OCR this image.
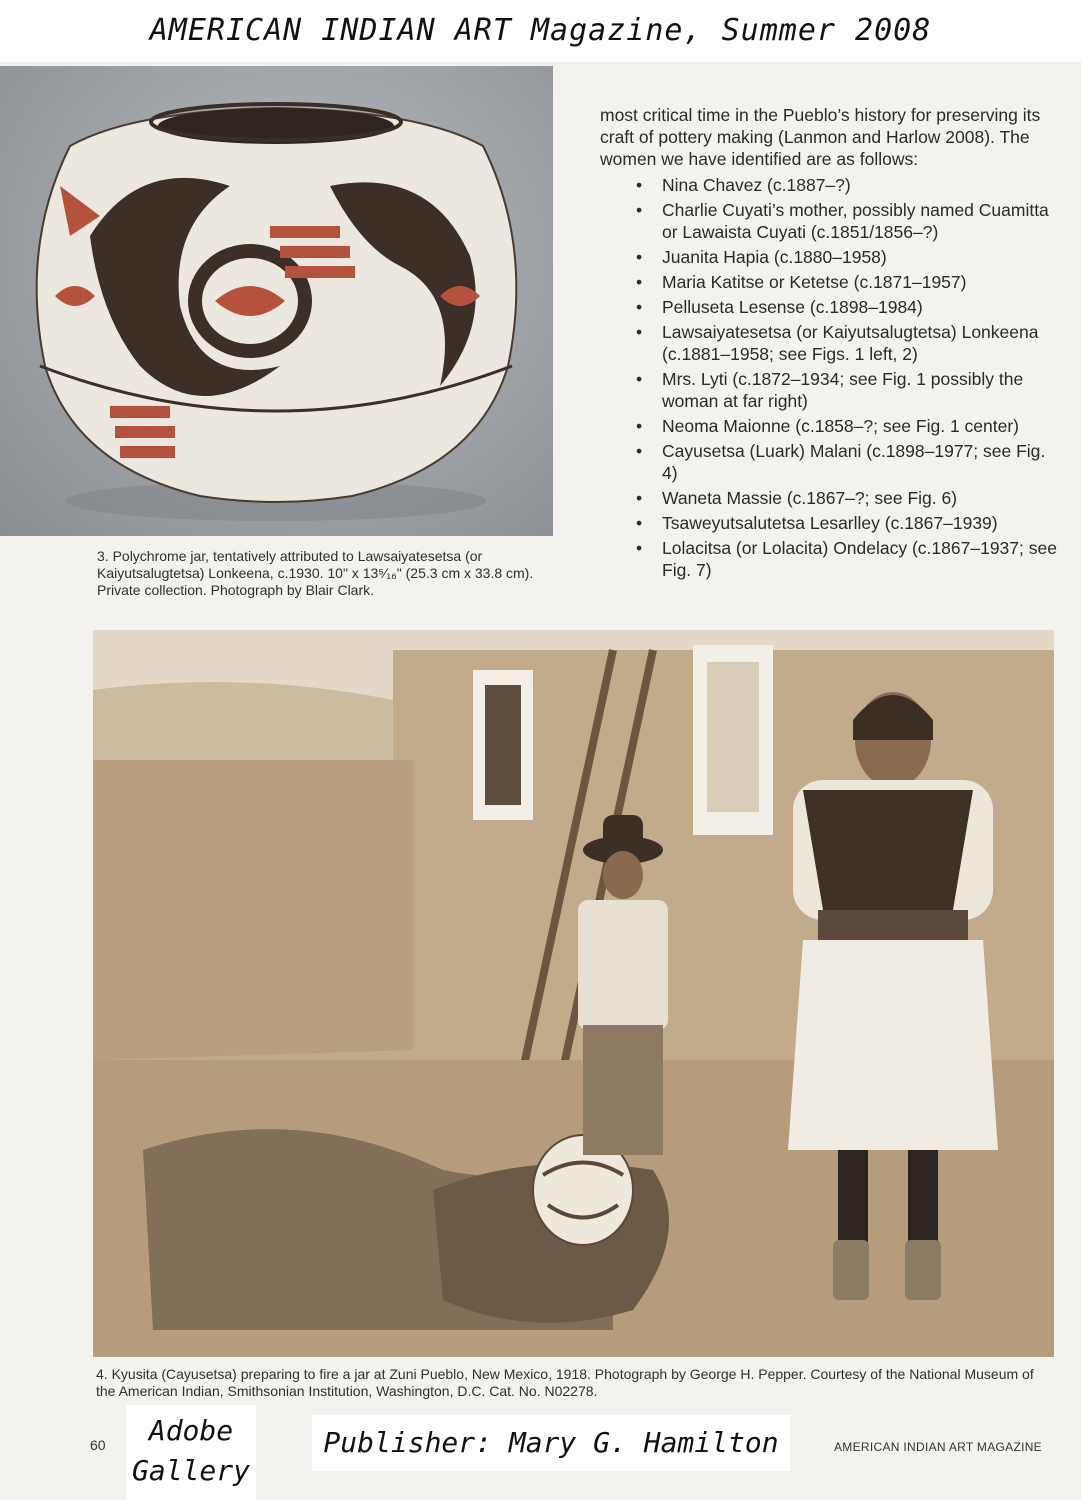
AMERICAN INDIAN ART Magazine, Summer 2008
3. Polychrome jar, tentatively attributed to Lawsaiyatesetsa (or Kaiyutsalugtetsa) Lonkeena, c.1930. 10" x 13⁵⁄₁₆" (25.3 cm x 33.8 cm). Private collection. Photograph by Blair Clark.

most critical time in the Pueblo’s history for preserving its craft of pottery making (Lanmon and Harlow 2008). The women we have identified are as follows:

• Nina Chavez (c.1887–?)
• Charlie Cuyati’s mother, possibly named Cuamitta or Lawaista Cuyati (c.1851/1856–?)
• Juanita Hapia (c.1880–1958)
• Maria Katitse or Ketetse (c.1871–1957)
• Pelluseta Lesense (c.1898–1984)
• Lawsaiyatesetsa (or Kaiyutsalugtetsa) Lonkeena (c.1881–1958; see Figs. 1 left, 2)
• Mrs. Lyti (c.1872–1934; see Fig. 1 possibly the woman at far right)
• Neoma Maionne (c.1858–?; see Fig. 1 center)
• Cayusetsa (Luark) Malani (c.1898–1977; see Fig. 4)
• Waneta Massie (c.1867–?; see Fig. 6)
• Tsaweyutsalutetsa Lesarlley (c.1867–1939)
• Lolacitsa (or Lolacita) Ondelacy (c.1867–1937; see Fig. 7)
4. Kyusita (Cayusetsa) preparing to fire a jar at Zuni Pueblo, New Mexico, 1918. Photograph by George H. Pepper. Courtesy of the National Museum of the American Indian, Smithsonian Institution, Washington, D.C. Cat. No. N02278.
60	AMERICAN INDIAN ART MAGAZINE
Adobe
Gallery
Publisher: Mary G. Hamilton
